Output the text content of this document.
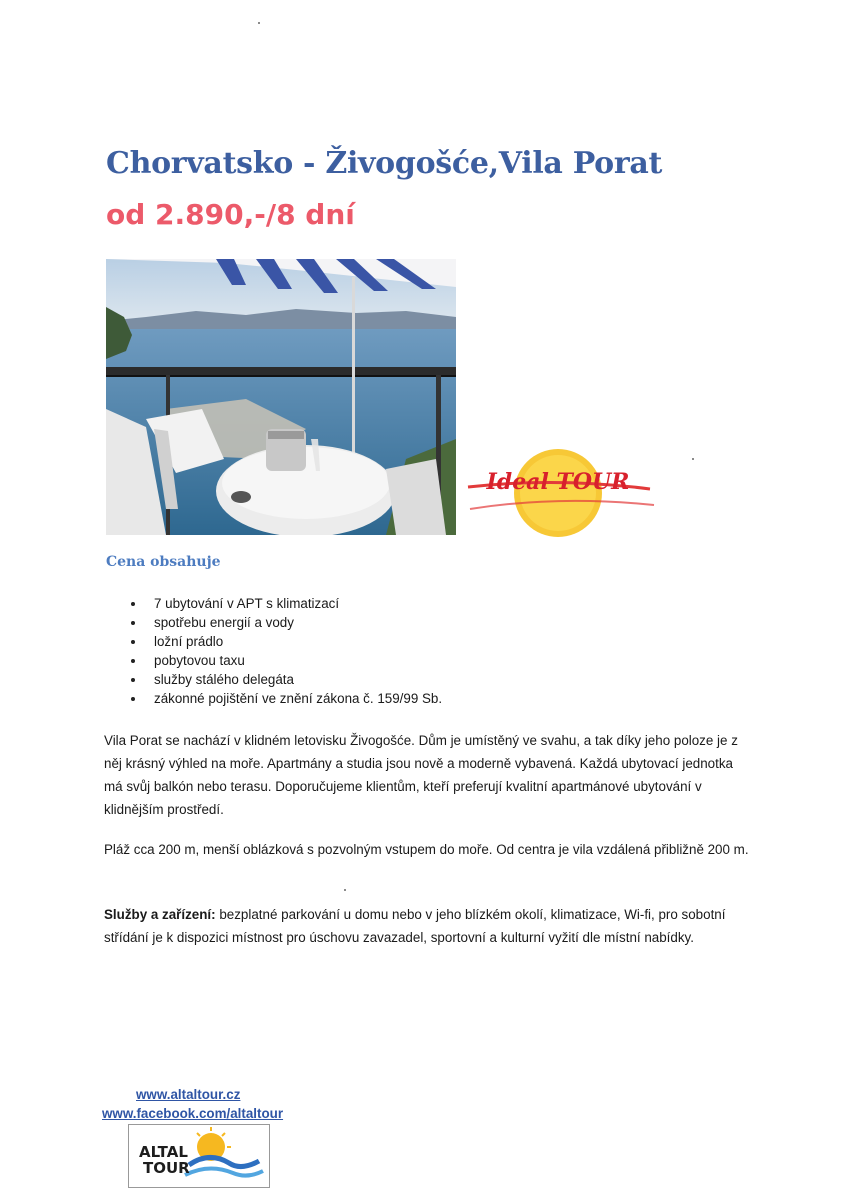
Chorvatsko - Živogošće,Vila Porat
od 2.890,-/8 dní
Ideal TOUR
Cena obsahuje
7 ubytování v APT s klimatizací
spotřebu energií a vody
ložní prádlo
pobytovou taxu
služby stálého delegáta
zákonné pojištění ve znění zákona č. 159/99 Sb.

Vila Porat se nachází v klidném letovisku Živogošće. Dům je umístěný ve svahu, a tak díky jeho poloze je z něj krásný výhled na moře. Apartmány a studia jsou nově a moderně vybavená. Každá ubytovací jednotka má svůj balkón nebo terasu. Doporučujeme klientům, kteří preferují kvalitní apartmánové ubytování v klidnějším prostředí.

Pláž cca 200 m, menší oblázková s pozvolným vstupem do moře. Od centra je vila vzdálená přibližně 200 m.

Služby a zařízení: bezplatné parkování u domu nebo v jeho blízkém okolí, klimatizace, Wi-fi, pro sobotní střídání je k dispozici místnost pro úschovu zavazadel, sportovní a kulturní vyžití dle místní nabídky.

www.altaltour.cz
www.facebook.com/altaltour
ALTAL
TOUR
